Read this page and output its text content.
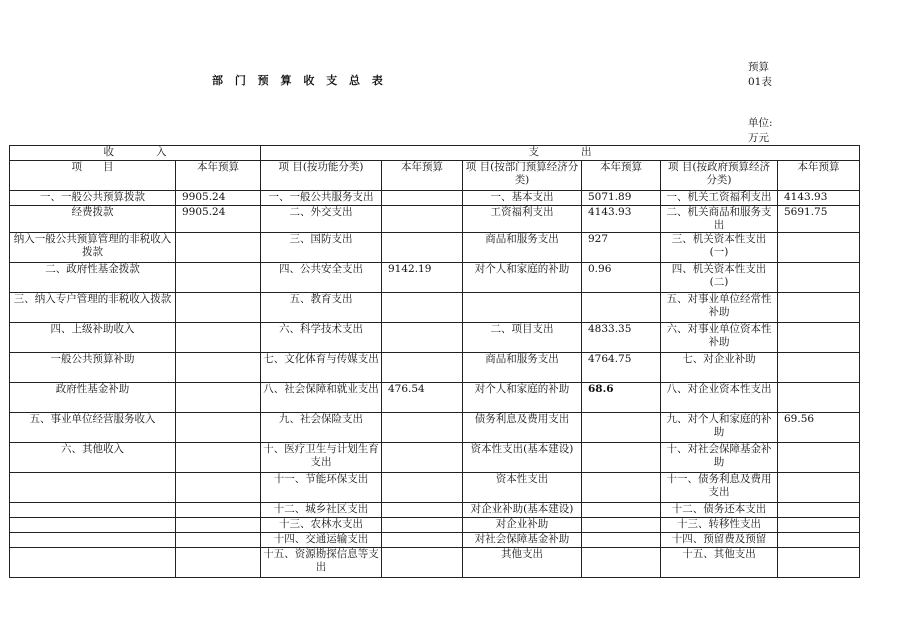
部 门 预 算 收 支 总 表
预算
01表
单位:
万元
收　　　　入		支　　　　出					
项　　目	本年预算	项 目(按功能分类)	本年预算	项 目(按部门预算经济分类)	本年预算	项 目(按政府预算经济分类)	本年预算
一、一般公共预算拨款	9905.24	一、一般公共服务支出		一、基本支出	5071.89	一、机关工资福利支出	4143.93
经费拨款	9905.24	二、外交支出		工资福利支出	4143.93	二、机关商品和服务支出	5691.75
纳入一般公共预算管理的非税收入拨款		三、国防支出		商品和服务支出	927	三、机关资本性支出(一)	
二、政府性基金拨款		四、公共安全支出	9142.19	对个人和家庭的补助	0.96	四、机关资本性支出(二)	
三、纳入专户管理的非税收入拨款		五、教育支出				五、对事业单位经常性补助	
四、上级补助收入		六、科学技术支出		二、项目支出	4833.35	六、对事业单位资本性补助	
一般公共预算补助		七、文化体育与传媒支出		商品和服务支出	4764.75	七、对企业补助	
政府性基金补助		八、社会保障和就业支出	476.54	对个人和家庭的补助	68.6	八、对企业资本性支出	
五、事业单位经营服务收入		九、社会保险支出		债务利息及费用支出		九、对个人和家庭的补助	69.56
六、其他收入		十、医疗卫生与计划生育支出		资本性支出(基本建设)		十、对社会保障基金补助	
		十一、节能环保支出		资本性支出		十一、债务利息及费用支出	
		十二、城乡社区支出		对企业补助(基本建设)		十二、债务还本支出	
		十三、农林水支出		对企业补助		十三、转移性支出	
		十四、交通运输支出		对社会保障基金补助		十四、预留费及预留	
		十五、资源勘探信息等支出		其他支出		十五、其他支出	
